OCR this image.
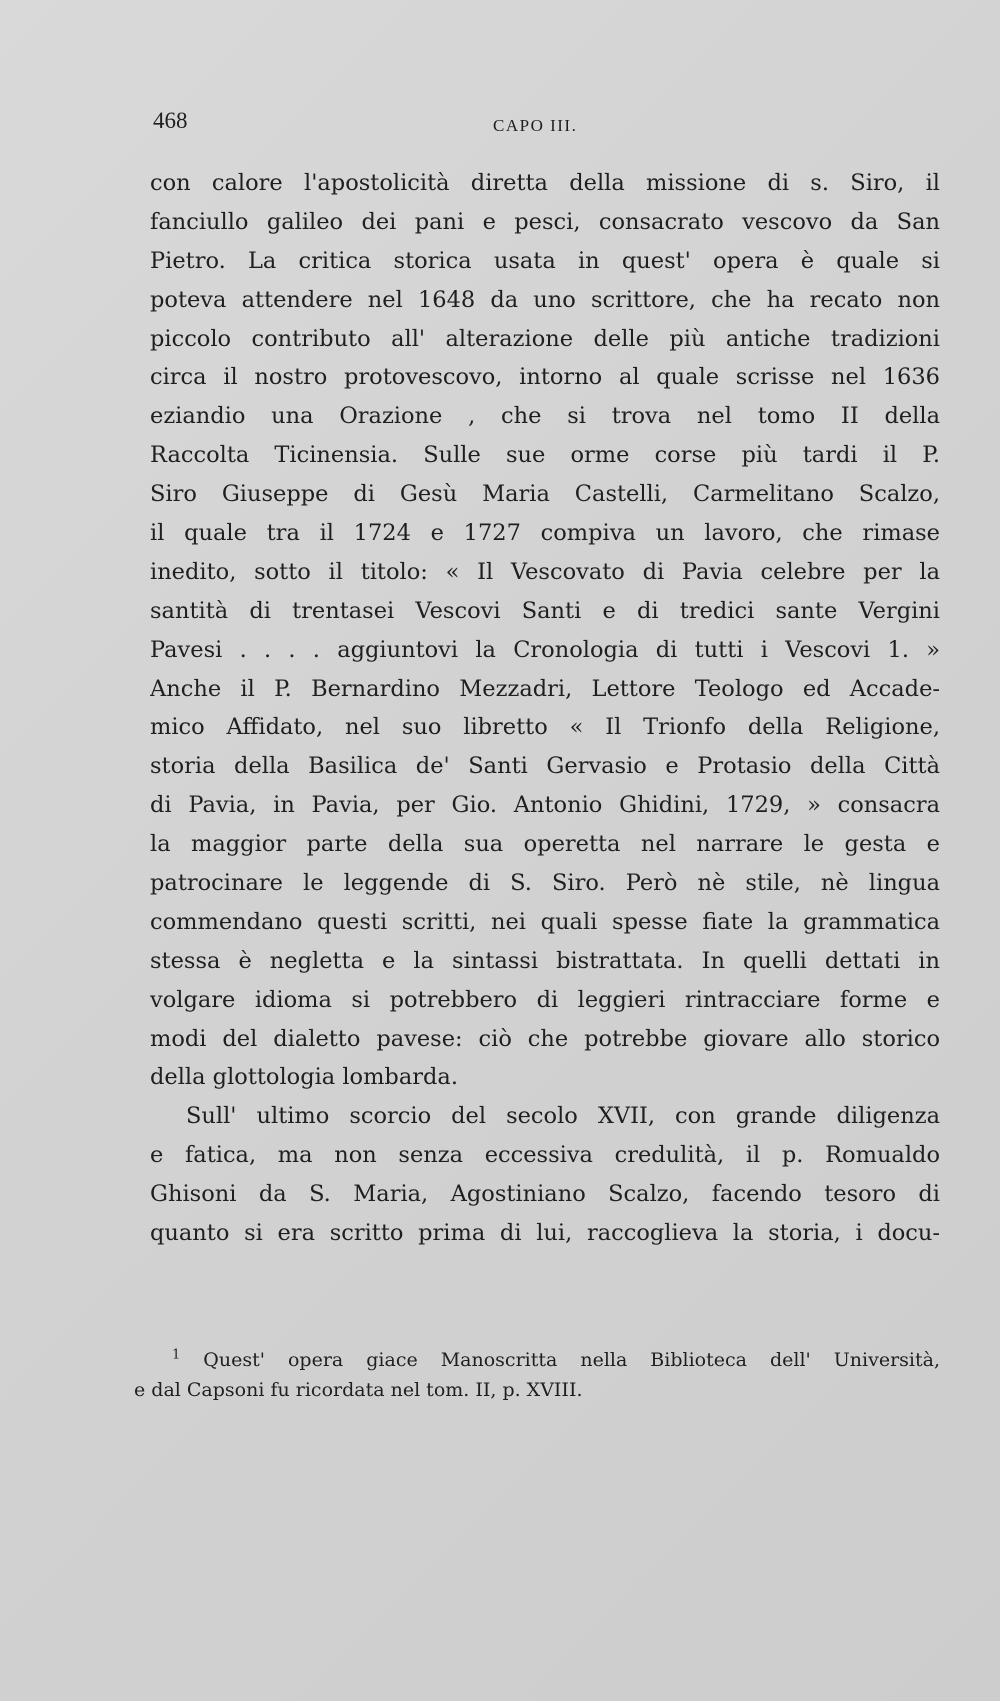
468	CAPO III.
con calore l'apostolicità diretta della missione di s. Siro, il
fanciullo galileo dei pani e pesci, consacrato vescovo da San
Pietro. La critica storica usata in quest' opera è quale si
poteva attendere nel 1648 da uno scrittore, che ha recato non
piccolo contributo all' alterazione delle più antiche tradizioni
circa il nostro protovescovo, intorno al quale scrisse nel 1636
eziandio una Orazione , che si trova nel tomo II della
Raccolta Ticinensia. Sulle sue orme corse più tardi il P.
Siro Giuseppe di Gesù Maria Castelli, Carmelitano Scalzo,
il quale tra il 1724 e 1727 compiva un lavoro, che rimase
inedito, sotto il titolo: « Il Vescovato di Pavia celebre per la
santità di trentasei Vescovi Santi e di tredici sante Vergini
Pavesi . . . . aggiuntovi la Cronologia di tutti i Vescovi 1. »
Anche il P. Bernardino Mezzadri, Lettore Teologo ed Accade-
mico Affidato, nel suo libretto « Il Trionfo della Religione,
storia della Basilica de' Santi Gervasio e Protasio della Città
di Pavia, in Pavia, per Gio. Antonio Ghidini, 1729, » consacra
la maggior parte della sua operetta nel narrare le gesta e
patrocinare le leggende di S. Siro. Però nè stile, nè lingua
commendano questi scritti, nei quali spesse fiate la grammatica
stessa è negletta e la sintassi bistrattata. In quelli dettati in
volgare idioma si potrebbero di leggieri rintracciare forme e
modi del dialetto pavese: ciò che potrebbe giovare allo storico
della glottologia lombarda.
Sull' ultimo scorcio del secolo XVII, con grande diligenza
e fatica, ma non senza eccessiva credulità, il p. Romualdo
Ghisoni da S. Maria, Agostiniano Scalzo, facendo tesoro di
quanto si era scritto prima di lui, raccoglieva la storia, i docu-
$^1$ Quest' opera giace Manoscritta nella Biblioteca dell' Università,
e dal Capsoni fu ricordata nel tom. II, p. XVIII.
